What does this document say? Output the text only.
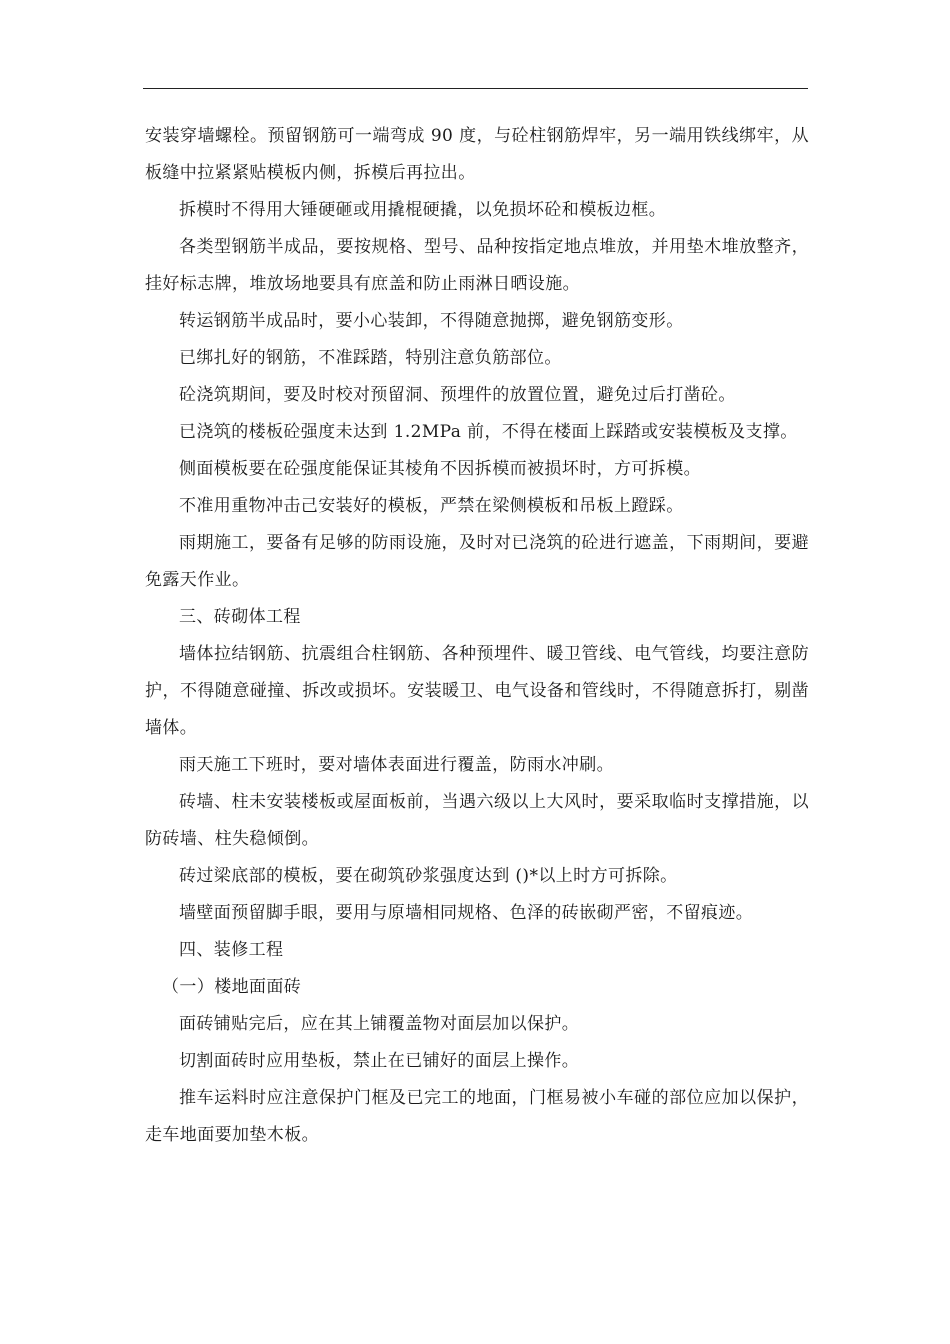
安装穿墙螺栓。预留钢筋可一端弯成 90 度，与砼柱钢筋焊牢，另一端用铁线绑牢，从板缝中拉紧紧贴模板内侧，拆模后再拉出。

拆模时不得用大锤硬砸或用撬棍硬撬，以免损坏砼和模板边框。

各类型钢筋半成品，要按规格、型号、品种按指定地点堆放，并用垫木堆放整齐，挂好标志牌，堆放场地要具有庶盖和防止雨淋日晒设施。

转运钢筋半成品时，要小心装卸，不得随意抛掷，避免钢筋变形。

已绑扎好的钢筋，不准踩踏，特别注意负筋部位。

砼浇筑期间，要及时校对预留洞、预埋件的放置位置，避免过后打凿砼。

已浇筑的楼板砼强度未达到 1.2MPa 前，不得在楼面上踩踏或安装模板及支撑。

侧面模板要在砼强度能保证其棱角不因拆模而被损坏时，方可拆模。

不准用重物冲击己安装好的模板，严禁在梁侧模板和吊板上蹬踩。

雨期施工，要备有足够的防雨设施，及时对已浇筑的砼进行遮盖，下雨期间，要避免露天作业。

三、砖砌体工程

墙体拉结钢筋、抗震组合柱钢筋、各种预埋件、暖卫管线、电气管线，均要注意防护，不得随意碰撞、拆改或损坏。安装暖卫、电气设备和管线时，不得随意拆打，剔凿墙体。

雨天施工下班时，要对墙体表面进行覆盖，防雨水冲刷。

砖墙、柱未安装楼板或屋面板前，当遇六级以上大风时，要采取临时支撑措施，以防砖墙、柱失稳倾倒。

砖过梁底部的模板，要在砌筑砂浆强度达到 ()*以上时方可拆除。

墙壁面预留脚手眼，要用与原墙相同规格、色泽的砖嵌砌严密，不留痕迹。

四、装修工程

（一）楼地面面砖

面砖铺贴完后，应在其上铺覆盖物对面层加以保护。

切割面砖时应用垫板，禁止在已铺好的面层上操作。

推车运料时应注意保护门框及已完工的地面，门框易被小车碰的部位应加以保护，走车地面要加垫木板。
